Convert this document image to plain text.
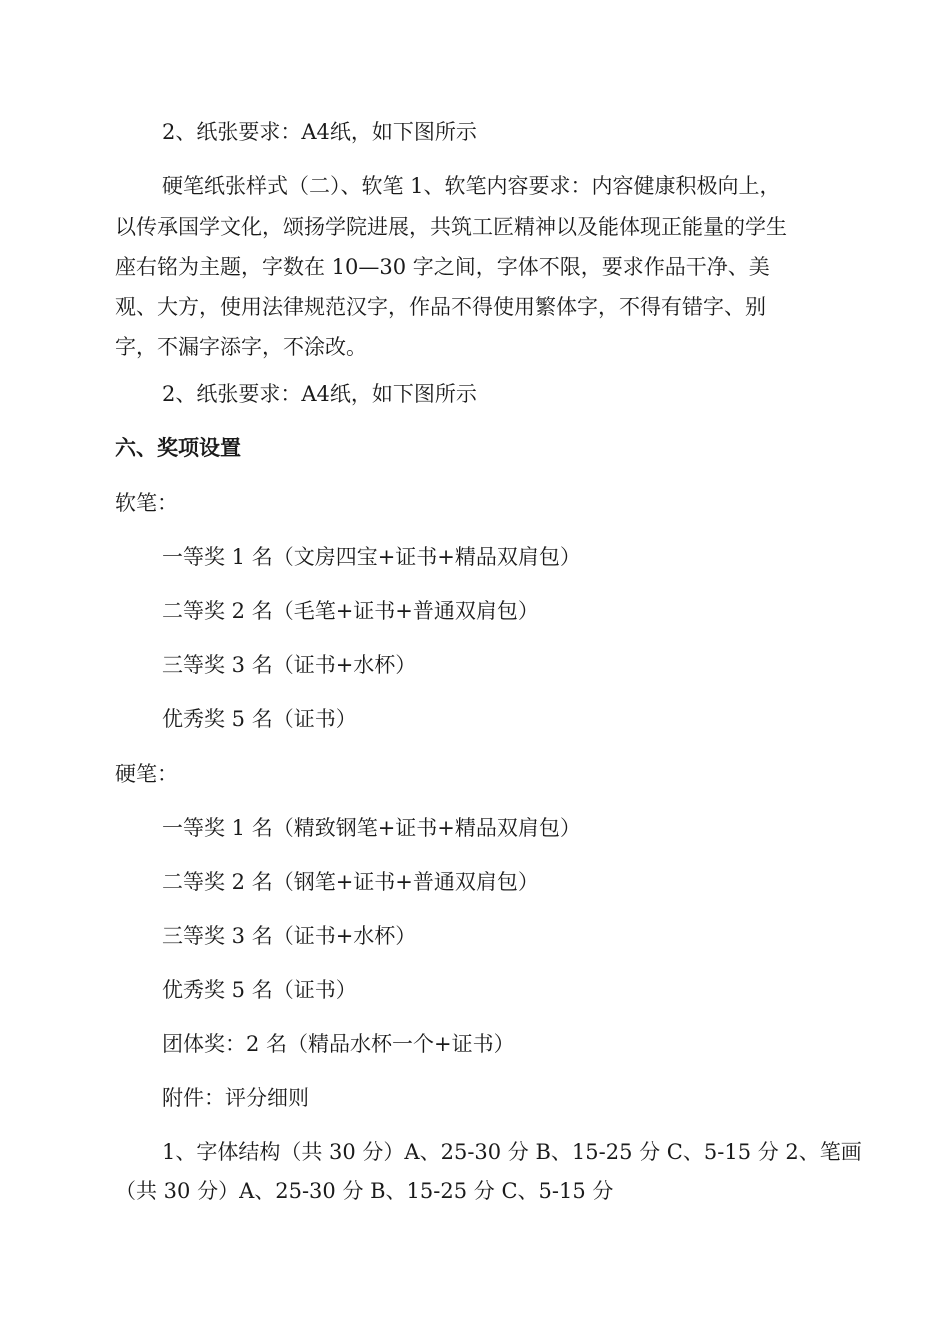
2、纸张要求：A4纸，如下图所示

硬笔纸张样式（二）、软笔 1、软笔内容要求：内容健康积极向上，

以传承国学文化，颂扬学院进展，共筑工匠精神以及能体现正能量的学生

座右铭为主题，字数在 10—30 字之间，字体不限，要求作品干净、美

观、大方，使用法律规范汉字，作品不得使用繁体字，不得有错字、别

字，不漏字添字，不涂改。

2、纸张要求：A4纸，如下图所示

六、奖项设置

软笔：

一等奖 1 名（文房四宝+证书+精品双肩包）

二等奖 2 名（毛笔+证书+普通双肩包）

三等奖 3 名（证书+水杯）

优秀奖 5 名（证书）

硬笔：

一等奖 1 名（精致钢笔+证书+精品双肩包）

二等奖 2 名（钢笔+证书+普通双肩包）

三等奖 3 名（证书+水杯）

优秀奖 5 名（证书）

团体奖：2 名（精品水杯一个+证书）

附件：评分细则

1、字体结构（共 30 分）A、25-30 分 B、15-25 分 C、5-15 分 2、笔画

（共 30 分）A、25-30 分 B、15-25 分 C、5-15 分
